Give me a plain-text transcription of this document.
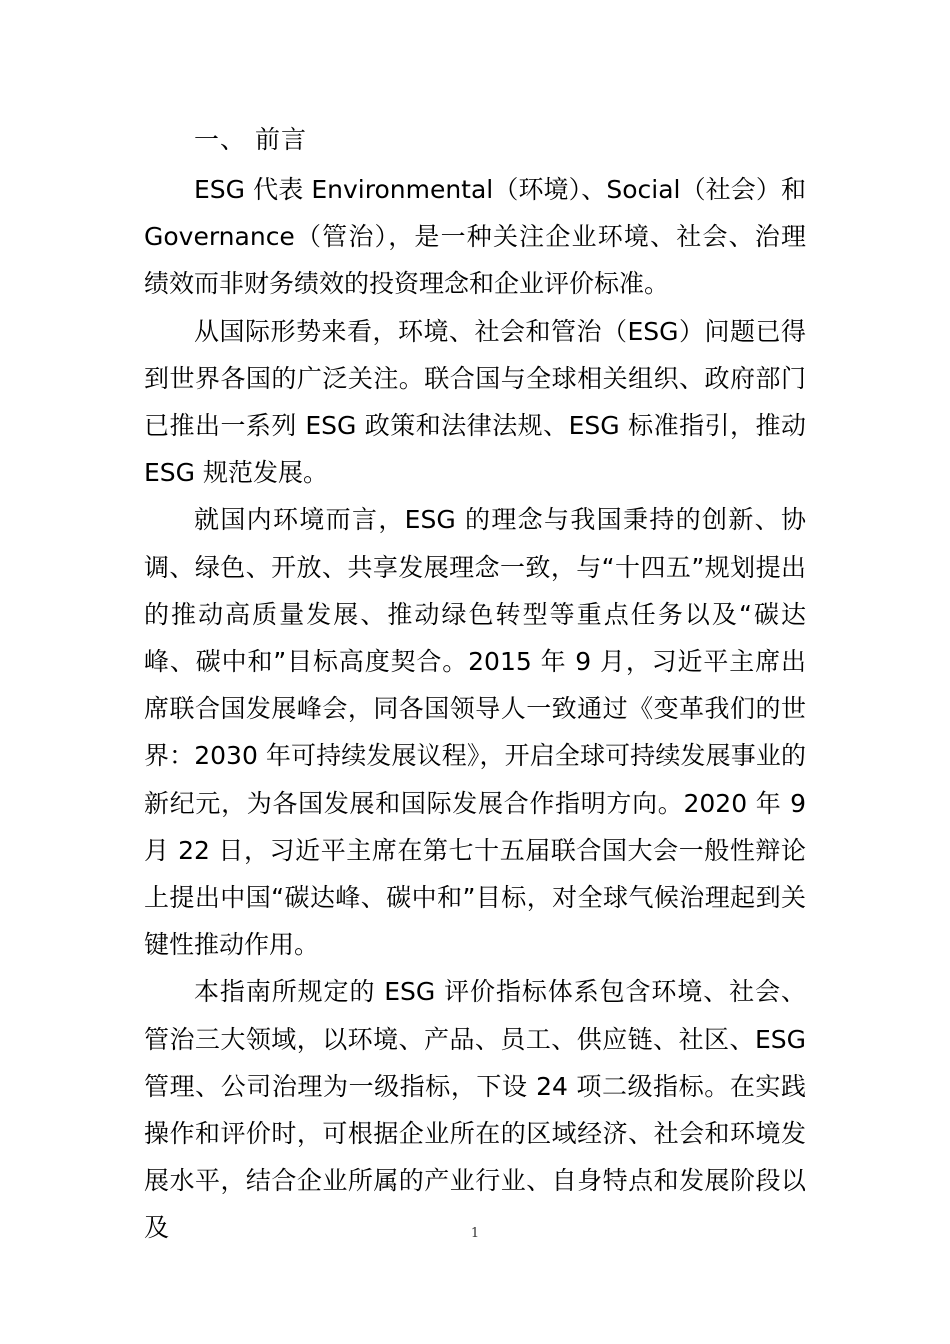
一、 前言

ESG 代表 Environmental（环境）、Social（社会）和 Governance（管治），是一种关注企业环境、社会、治理绩效而非财务绩效的投资理念和企业评价标准。

从国际形势来看，环境、社会和管治（ESG）问题已得到世界各国的广泛关注。联合国与全球相关组织、政府部门已推出一系列 ESG 政策和法律法规、ESG 标准指引，推动 ESG 规范发展。

就国内环境而言，ESG 的理念与我国秉持的创新、协调、绿色、开放、共享发展理念一致，与“十四五”规划提出的推动高质量发展、推动绿色转型等重点任务以及“碳达峰、碳中和”目标高度契合。2015 年 9 月，习近平主席出席联合国发展峰会，同各国领导人一致通过《变革我们的世界：2030 年可持续发展议程》，开启全球可持续发展事业的新纪元，为各国发展和国际发展合作指明方向。2020 年 9 月 22 日，习近平主席在第七十五届联合国大会一般性辩论上提出中国“碳达峰、碳中和”目标，对全球气候治理起到关键性推动作用。

本指南所规定的 ESG 评价指标体系包含环境、社会、管治三大领域，以环境、产品、员工、供应链、社区、ESG 管理、公司治理为一级指标，下设 24 项二级指标。在实践操作和评价时，可根据企业所在的区域经济、社会和环境发展水平，结合企业所属的产业行业、自身特点和发展阶段以及	1
